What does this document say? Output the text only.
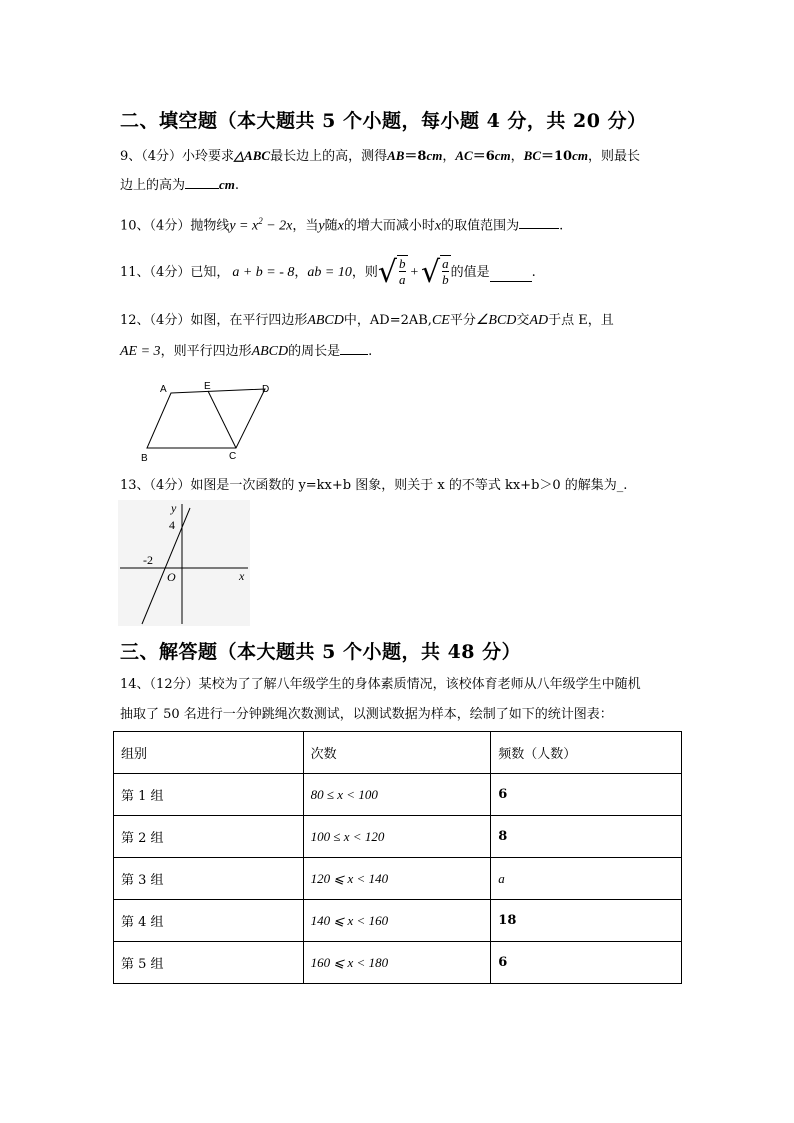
二、填空题（本大题共 5 个小题，每小题 4 分，共 20 分）
9、（4分）小玲要求△ABC最长边上的高，测得AB＝8cm，AC＝6cm，BC＝10cm，则最长
边上的高为	cm.
10、（4分）抛物线$y = x^2 - 2x$，当y随x的增大而减小时x的取值范围为	.
11、（4分）已知， a + b = - 8 ， ab = 10 ，则 √ b
a + √ a
b 的值是	.
12、（4分）如图，在平行四边形ABCD中，AD=2AB,CE平分∠BCD交AD于点 E，且
AE = 3，则平行四边形ABCD的周长是 .
A	E	D
B	C
13、（4分）如图是一次函数的 y=kx+b 图象，则关于 x 的不等式 kx+b＞0 的解集为_.
y
x
4
-2
O
三、解答题（本大题共 5 个小题，共 48 分）
14、（12分）某校为了了解八年级学生的身体素质情况，该校体育老师从八年级学生中随机
抽取了 50 名进行一分钟跳绳次数测试，以测试数据为样本，绘制了如下的统计图表：
组别	次数	频数（人数）
第 1 组	80 ≤ x < 100	6
第 2 组	100 ≤ x < 120	8
第 3 组	120 ⩽ x < 140	a
第 4 组	140 ⩽ x < 160	18
第 5 组	160 ⩽ x < 180	6
